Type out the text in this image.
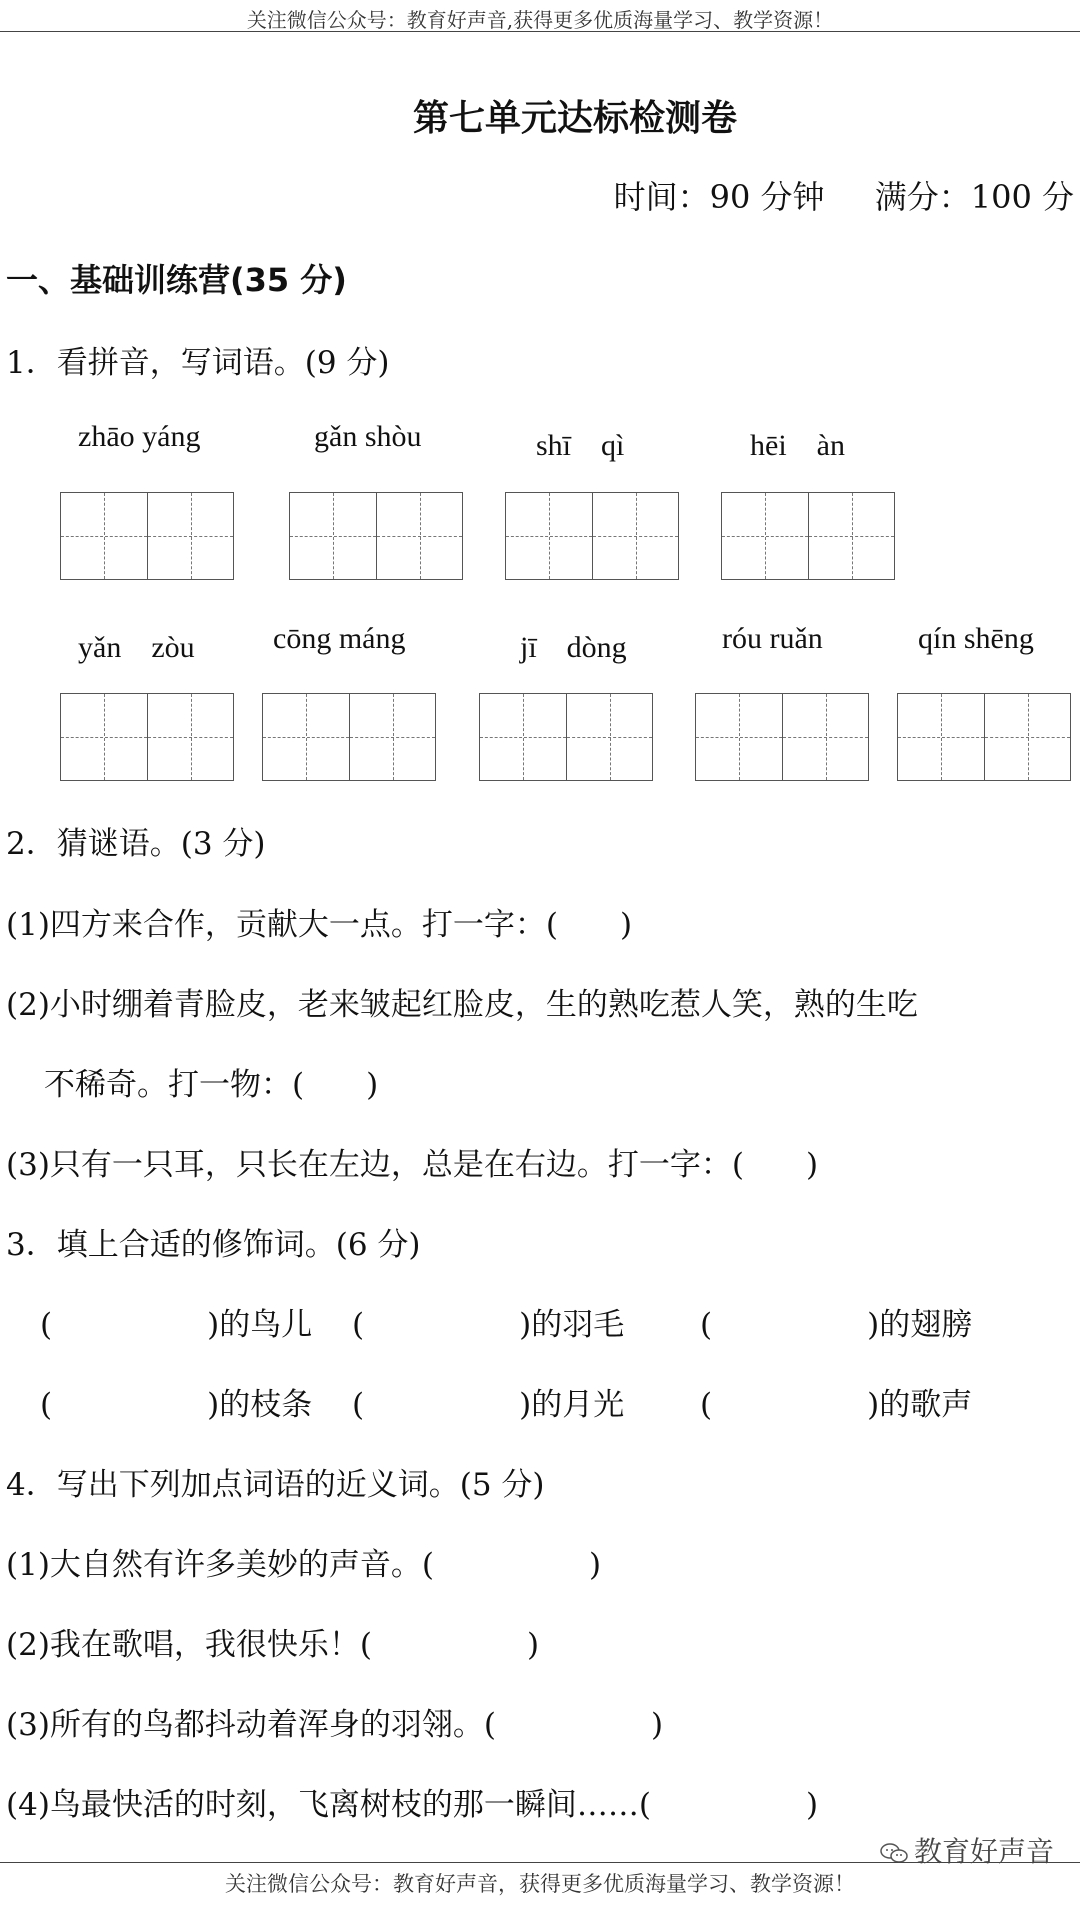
关注微信公众号：教育好声音,获得更多优质海量学习、教学资源！
第七单元达标检测卷
时间：90 分钟 满分：100 分
一、基础训练营(35 分)
1．看拼音，写词语。(9 分)
zhāo yáng	gǎn shòu	shī　qì	hēi　àn
yǎn　zòu	cōng máng	jī　dòng	róu ruǎn	qín shēng
2．猜谜语。(3 分)
(1)四方来合作，贡献大一点。打一字：(　　)
(2)小时绷着青脸皮，老来皱起红脸皮，生的熟吃惹人笑，熟的生吃
不稀奇。打一物：(　　)
(3)只有一只耳，只长在左边，总是在右边。打一字：(　　)
3．填上合适的修饰词。(6 分)
(　　　　　)的鸟儿 (　　　　　)的羽毛 (　　　　　)的翅膀
(　　　　　)的枝条 (　　　　　)的月光 (　　　　　)的歌声
4．写出下列加点词语的近义词。(5 分)
(1)大自然有许多美妙的声音。(　　　　　)
(2)我在歌唱，我很快乐！(　　　　　)
(3)所有的鸟都抖动着浑身的羽翎。(　　　　　)
(4)鸟最快活的时刻，飞离树枝的那一瞬间……(　　　　　)
教育好声音
关注微信公众号：教育好声音，获得更多优质海量学习、教学资源！
